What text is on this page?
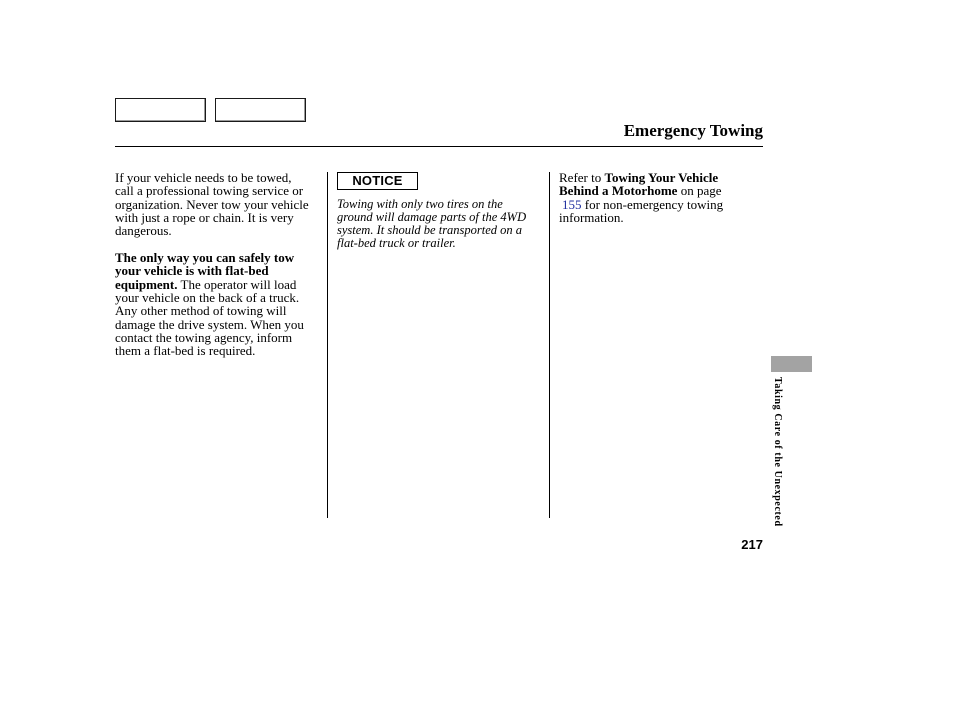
Emergency Towing

If your vehicle needs to be towed,
call a professional towing service or
organization. Never tow your vehicle
with just a rope or chain. It is very
dangerous.

The only way you can safely tow
your vehicle is with flat-bed
equipment. The operator will load
your vehicle on the back of a truck.
Any other method of towing will
damage the drive system. When you
contact the towing agency, inform
them a flat-bed is required.

NOTICE
Towing with only two tires on the
ground will damage parts of the 4WD
system. It should be transported on a
flat-bed truck or trailer.

Refer to Towing Your Vehicle
Behind a Motorhome on page
155 for non-emergency towing
information.

Taking Care of the Unexpected
217
